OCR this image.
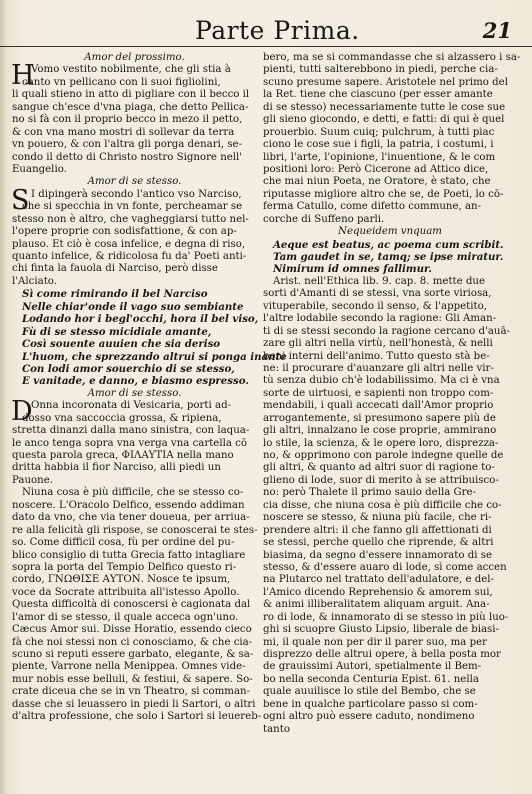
Parte Prima.	21
Amor del prossimo.
H
Vomo vestito nobilmente, che gli stia à
canto vn pellicano con li suoi figliolini,
li quali stieno in atto di pigliare con il becco il
sangue ch'esce d'vna piaga, che detto Pellica-
no si fà con il proprio becco in mezo il petto,
& con vna mano mostri di sollevar da terra
vn pouero, & con l'altra gli porga denari, se-
condo il detto di Christo nostro Signore nell'
Euangelio.
Amor di se stesso.
S I dipingerà secondo l'antico vso Narciso,
che si specchia in vn fonte, percheamar se
stesso non è altro, che vagheggiarsi tutto nel-
l'opere proprie con sodisfattione, & con ap-
plauso. Et ciò è cosa infelice, e degna di riso,
quanto infelice, & ridicolosa fu da' Poeti anti-
chi finta la fauola di Narciso, però disse
l'Alciato.
Sì come rimirando il bel Narciso
Nelle chiar'onde il vago suo sembiante
Lodando hor i begl'occhi, hora il bel viso,
Fù di se stesso micidiale amante,
Così souente auuien che sia deriso
L'huom, che sprezzando altrui si ponga inante
Con lodi amor souerchio di se stesso,
E vanitade, e danno, e biasmo espresso.
Amor di se stesso.
D
Onna incoronata di Vesicaria, porti ad-
dosso vna saccoccia grossa, & ripiena,
stretta dinanzi dalla mano sinistra, con laqua-
le anco tenga sopra vna verga vna cartella cō
questa parola greca, ΦΙΛΑΥΤΙΑ nella mano
dritta habbia il fior Narciso, alli piedi un
Pauone.
Niuna cosa è più difficile, che se stesso co-
noscere. L'Oracolo Delfico, essendo addiman
dato da vno, che via tener doueua, per arriua-
re alla felicità gli rispose, se conoscerai te stes-
so. Come difficil cosa, fù per ordine del pu-
blico consiglio di tutta Grecia fatto intagliare
sopra la porta del Tempio Delfico questo ri-
cordo, ΓΝΩΘΙΣΕ ΑΥΤΟΝ. Nosce te ipsum,
voce da Socrate attribuita all'istesso Apollo.
Questa difficoltà di conoscersi è cagionata dal
l'amor di se stesso, il quale acceca ogn'uno.
Cæcus Amor sui. Disse Horatio, essendo cieco
fà che noi stessi non ci conosciamo, & che cia-
scuno si reputi essere garbato, elegante, & sa-
piente, Varrone nella Menippea. Omnes vide-
mur nobis esse belluli, & festiui, & sapere. So-
crate diceua che se in vn Theatro, si comman-
dasse che si leuassero in piedi li Sartori, o altri
d'altra professione, che solo i Sartori si leuereb-
bero, ma se si commandasse che si alzassero i sa-
pienti, tutti salterebbono in piedi, perche cia-
scuno presume sapere. Aristotele nel primo del
la Ret. tiene che ciascuno (per esser amante
di se stesso) necessariamente tutte le cose sue
gli sieno giocondo, e detti, e fatti: di qui è quel
prouerbio. Suum cuiq; pulchrum, à tutti piac
ciono le cose sue i figli, la patria, i costumi, i
libri, l'arte, l'opinione, l'inuentione, & le com
positioni loro: Però Cicerone ad Attico dice,
che mai niun Poeta, ne Oratore, è stato, che
riputasse migliore altro che se, de Poeti, lo cō-
ferma Catullo, come difetto commune, an-
corche di Suffeno parli.
Nequeidem vnquam
Aeque est beatus, ac poema cum scribit.
Tam gaudet in se, tamq; se ipse miratur.
Nimirum id omnes fallimur.
Arist. nell'Ethica lib. 9. cap. 8. mette due
sorti d'Amanti di se stessi, vna sorte viriosa,
vituperabile, secondo il senso, & l'appetito,
l'altre lodabile secondo la ragione: Gli Aman-
ti di se stessi secondo la ragione cercano d'auā-
zare gli altri nella virtù, nell'honestà, & nelli
beni interni dell'animo. Tutto questo stà be-
ne: il procurare d'auanzare gli altri nelle vir-
tù senza dubio ch'è lodabilissimo. Ma ci è vna
sorte de uirtuosi, e sapienti non troppo com-
mendabili, i quali accecati dall'Amor proprio
arrogantemente, si presumono sapere più de
gli altri, innalzano le cose proprie, ammirano
lo stile, la scienza, & le opere loro, disprezza-
no, & opprimono con parole indegne quelle de
gli altri, & quanto ad altri suor di ragione to-
glieno di lode, suor di merito à se attribuisco-
no: però Thalete il primo sauio della Gre-
cia disse, che niuna cosa è più difficile che co-
noscere se stesso, & niuna più facile, che ri-
prendere altri: il che fanno gli affettionati di
se stessi, perche quello che riprende, & altri
biasima, da segno d'essere innamorato di se
stesso, & d'essere auaro di lode, sì come accen
na Plutarco nel trattato dell'adulatore, e del-
l'Amico dicendo Reprehensio & amorem sui,
& animi illiberalitatem aliquam arguit. Ana-
ro di lode, & innamorato di se stesso in più luo-
ghi si scuopre Giusto Lipsio, liberale de biasi-
mi, il quale non per dir il parer suo, ma per
disprezzo delle altrui opere, à bella posta mor
de grauissimi Autori, spetialmente il Bem-
bo nella seconda Centuria Epist. 61. nella
quale auuilisce lo stile del Bembo, che se
bene in qualche particolare passo si com-
ogni altro può essere caduto, nondimeno
tanto
